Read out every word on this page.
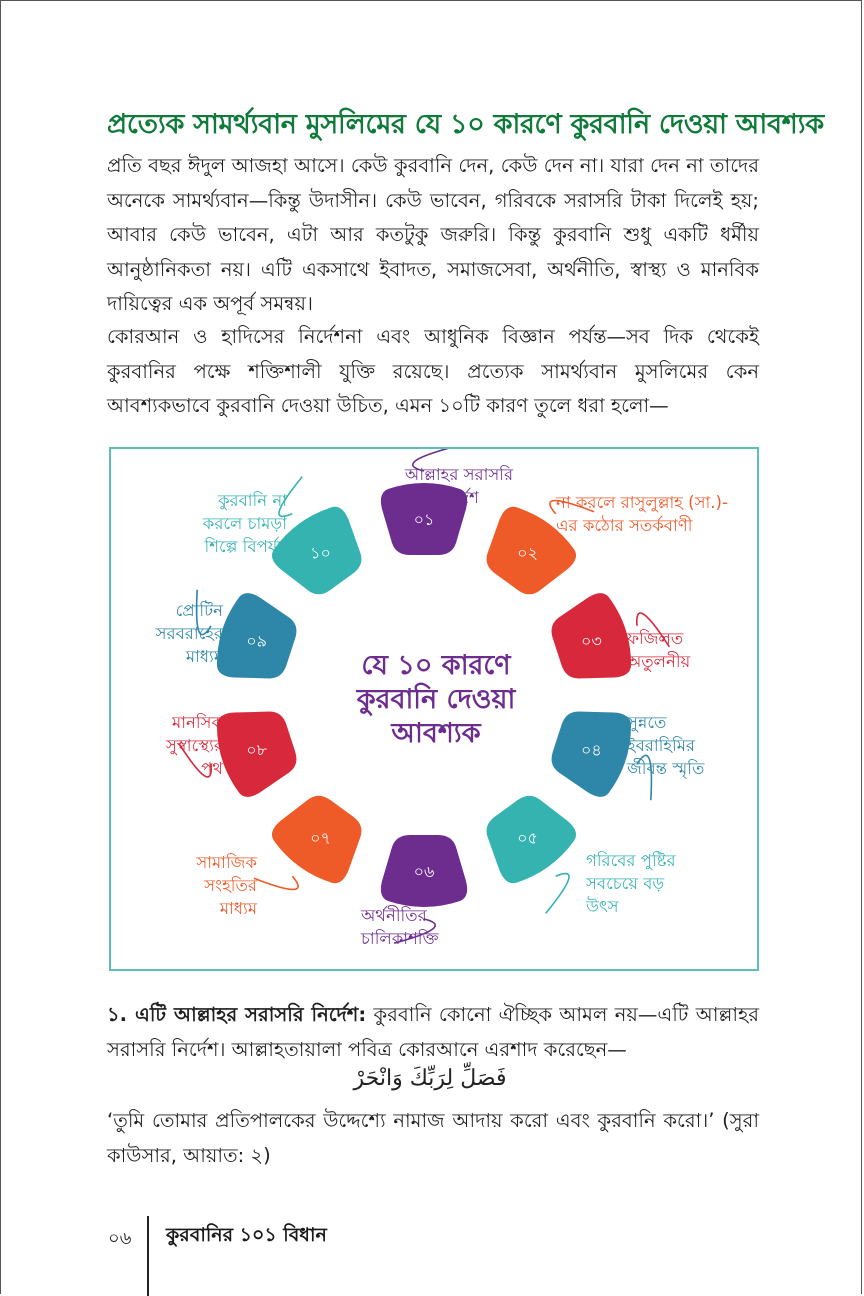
প্রত্যেক সামর্থ্যবান মুসলিমের যে ১০ কারণে কুরবানি দেওয়া আবশ্যক

প্রতি বছর ঈদুল আজহা আসে। কেউ কুরবানি দেন, কেউ দেন না। যারা দেন না তাদের অনেকে সামর্থ্যবান—কিন্তু উদাসীন। কেউ ভাবেন, গরিবকে সরাসরি টাকা দিলেই হয়; আবার কেউ ভাবেন, এটা আর কতটুকু জরুরি। কিন্তু কুরবানি শুধু একটি ধর্মীয় আনুষ্ঠানিকতা নয়। এটি একসাথে ইবাদত, সমাজসেবা, অর্থনীতি, স্বাস্থ্য ও মানবিক দায়িত্বের এক অপূর্ব সমন্বয়।

কোরআন ও হাদিসের নির্দেশনা এবং আধুনিক বিজ্ঞান পর্যন্ত—সব দিক থেকেই কুরবানির পক্ষে শক্তিশালী যুক্তি রয়েছে। প্রত্যেক সামর্থ্যবান মুসলিমের কেন আবশ্যকভাবে কুরবানি দেওয়া উচিত, এমন ১০টি কারণ তুলে ধরা হলো—

০১
০২
০৩
০৪
০৫
০৬
০৭
০৮
০৯
১০
যে ১০ কারণে
কুরবানি দেওয়া
আবশ্যক
আল্লাহর সরাসরি নির্দেশ	না করলে রাসুলুল্লাহ (সা.)-এর কঠোর সতর্কবাণী
ফজিলত অতুলনীয়
সুন্নতে ইবরাহিমির জীবন্ত স্মৃতি
গরিবের পুষ্টির সবচেয়ে বড় উৎস
অর্থনীতির চালিকাশক্তি
সামাজিক সংহতির মাধ্যম
মানসিক সুস্বাস্থ্যের পথ
প্রোটিন সরবরাহের মাধ্যম
কুরবানি না করলে চামড়া শিল্পে বিপর্যয়

১. এটি আল্লাহর সরাসরি নির্দেশ: কুরবানি কোনো ঐচ্ছিক আমল নয়—এটি আল্লাহর সরাসরি নির্দেশ। আল্লাহতায়ালা পবিত্র কোরআনে এরশাদ করেছেন—

فَصَلِّ لِرَبِّكَ وَانْحَرْ

‘তুমি তোমার প্রতিপালকের উদ্দেশ্যে নামাজ আদায় করো এবং কুরবানি করো।’ (সুরা কাউসার, আয়াত: ২)

০৬ কুরবানির ১০১ বিধান
